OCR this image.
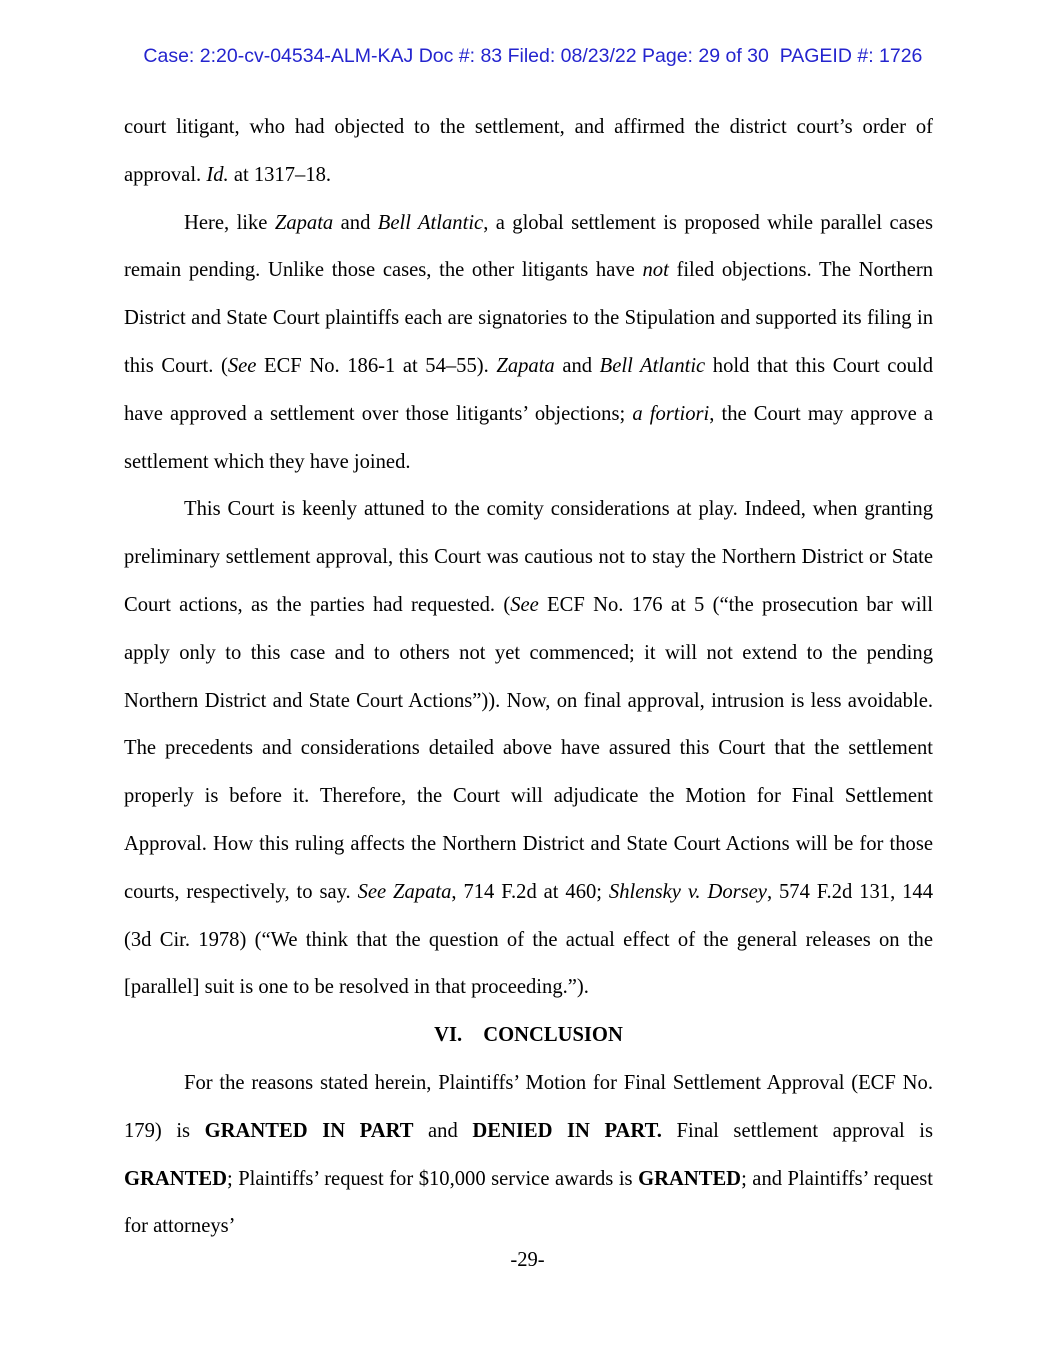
Case: 2:20-cv-04534-ALM-KAJ Doc #: 83 Filed: 08/23/22 Page: 29 of 30  PAGEID #: 1726

court litigant, who had objected to the settlement, and affirmed the district court’s order of approval. Id. at 1317–18.

Here, like Zapata and Bell Atlantic, a global settlement is proposed while parallel cases remain pending. Unlike those cases, the other litigants have not filed objections. The Northern District and State Court plaintiffs each are signatories to the Stipulation and supported its filing in this Court. (See ECF No. 186-1 at 54–55). Zapata and Bell Atlantic hold that this Court could have approved a settlement over those litigants’ objections; a fortiori, the Court may approve a settlement which they have joined.

This Court is keenly attuned to the comity considerations at play. Indeed, when granting preliminary settlement approval, this Court was cautious not to stay the Northern District or State Court actions, as the parties had requested. (See ECF No. 176 at 5 (“the prosecution bar will apply only to this case and to others not yet commenced; it will not extend to the pending Northern District and State Court Actions”)). Now, on final approval, intrusion is less avoidable. The precedents and considerations detailed above have assured this Court that the settlement properly is before it. Therefore, the Court will adjudicate the Motion for Final Settlement Approval. How this ruling affects the Northern District and State Court Actions will be for those courts, respectively, to say. See Zapata, 714 F.2d at 460; Shlensky v. Dorsey, 574 F.2d 131, 144 (3d Cir. 1978) (“We think that the question of the actual effect of the general releases on the [parallel] suit is one to be resolved in that proceeding.”).

VI. CONCLUSION

For the reasons stated herein, Plaintiffs’ Motion for Final Settlement Approval (ECF No. 179) is GRANTED IN PART and DENIED IN PART. Final settlement approval is GRANTED; Plaintiffs’ request for $10,000 service awards is GRANTED; and Plaintiffs’ request for attorneys’

-29-
